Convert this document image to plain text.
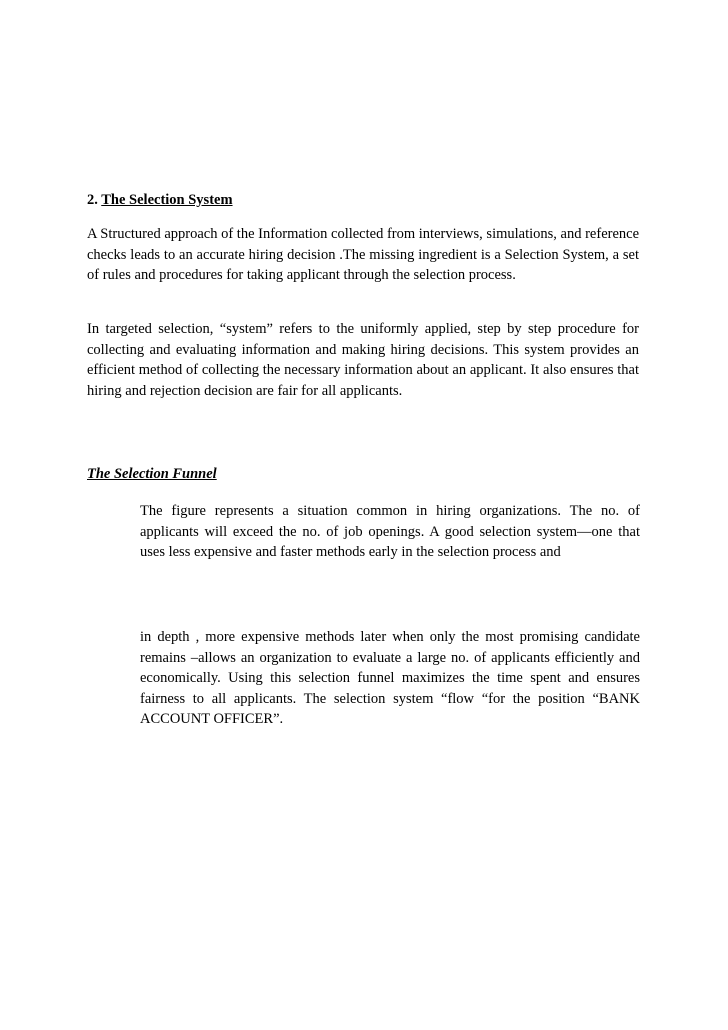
2. The Selection System

A Structured approach of the Information collected from interviews, simulations, and reference checks leads to an accurate hiring decision .The missing ingredient is a Selection System, a set of rules and procedures for taking applicant through the selection process.

In targeted selection, “system” refers to the uniformly applied, step by step procedure for collecting and evaluating information and making hiring decisions. This system provides an efficient method of collecting the necessary information about an applicant. It also ensures that hiring and rejection decision are fair for all applicants.

The Selection Funnel

The figure represents a situation common in hiring organizations. The no. of applicants will exceed the no. of job openings. A good selection system—one that uses less expensive and faster methods early in the selection process and

in depth , more expensive methods later when only the most promising candidate remains –allows an organization to evaluate a large no. of applicants efficiently and economically. Using this selection funnel maximizes the time spent and ensures fairness to all applicants. The selection system “flow “for the position “BANK ACCOUNT OFFICER”.
